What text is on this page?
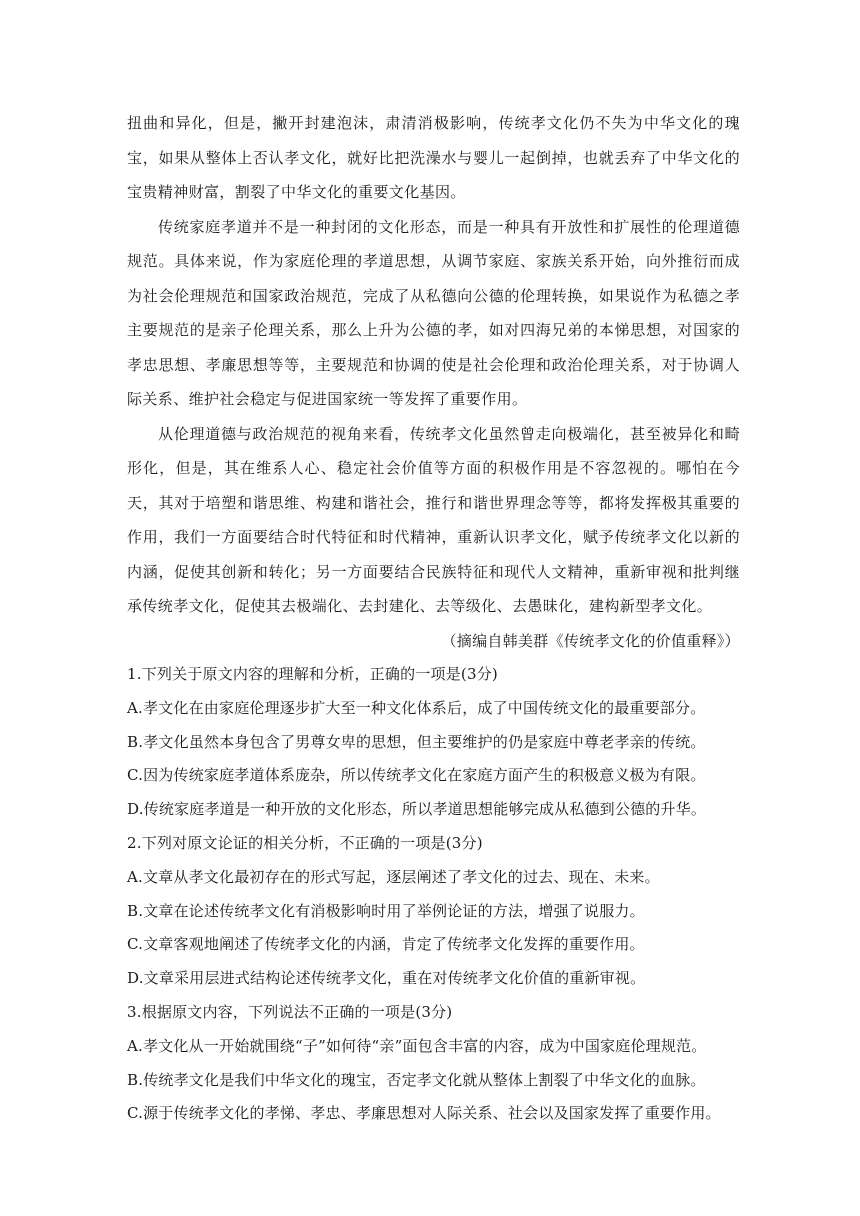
扭曲和异化，但是，撇开封建泡沫，肃清消极影响，传统孝文化仍不失为中华文化的瑰宝，如果从整体上否认孝文化，就好比把洗澡水与婴儿一起倒掉，也就丢弃了中华文化的宝贵精神财富，割裂了中华文化的重要文化基因。

传统家庭孝道并不是一种封闭的文化形态，而是一种具有开放性和扩展性的伦理道德规范。具体来说，作为家庭伦理的孝道思想，从调节家庭、家族关系开始，向外推衍而成为社会伦理规范和国家政治规范，完成了从私德向公德的伦理转换，如果说作为私德之孝主要规范的是亲子伦理关系，那么上升为公德的孝，如对四海兄弟的本悌思想，对国家的孝忠思想、孝廉思想等等，主要规范和协调的使是社会伦理和政治伦理关系，对于协调人际关系、维护社会稳定与促进国家统一等发挥了重要作用。

从伦理道德与政治规范的视角来看，传统孝文化虽然曾走向极端化，甚至被异化和畸形化，但是，其在维系人心、稳定社会价值等方面的积极作用是不容忽视的。哪怕在今天，其对于培塑和谐思维、构建和谐社会，推行和谐世界理念等等，都将发挥极其重要的作用，我们一方面要结合时代特征和时代精神，重新认识孝文化，赋予传统孝文化以新的内涵，促使其创新和转化；另一方面要结合民族特征和现代人文精神，重新审视和批判继承传统孝文化，促使其去极端化、去封建化、去等级化、去愚昧化，建构新型孝文化。

（摘编自韩美群《传统孝文化的价值重释》）

1.下列关于原文内容的理解和分析，正确的一项是(3分)

A.孝文化在由家庭伦理逐步扩大至一种文化体系后，成了中国传统文化的最重要部分。

B.孝文化虽然本身包含了男尊女卑的思想，但主要维护的仍是家庭中尊老孝亲的传统。

C.因为传统家庭孝道体系庞杂，所以传统孝文化在家庭方面产生的积极意义极为有限。

D.传统家庭孝道是一种开放的文化形态，所以孝道思想能够完成从私德到公德的升华。

2.下列对原文论证的相关分析，不正确的一项是(3分)

A.文章从孝文化最初存在的形式写起，逐层阐述了孝文化的过去、现在、未来。

B.文章在论述传统孝文化有消极影响时用了举例论证的方法，增强了说服力。

C.文章客观地阐述了传统孝文化的内涵，肯定了传统孝文化发挥的重要作用。

D.文章采用层进式结构论述传统孝文化，重在对传统孝文化价值的重新审视。

3.根据原文内容，下列说法不正确的一项是(3分)

A.孝文化从一开始就围绕“子”如何待“亲”面包含丰富的内容，成为中国家庭伦理规范。

B.传统孝文化是我们中华文化的瑰宝，否定孝文化就从整体上割裂了中华文化的血脉。

C.源于传统孝文化的孝悌、孝忠、孝廉思想对人际关系、社会以及国家发挥了重要作用。
